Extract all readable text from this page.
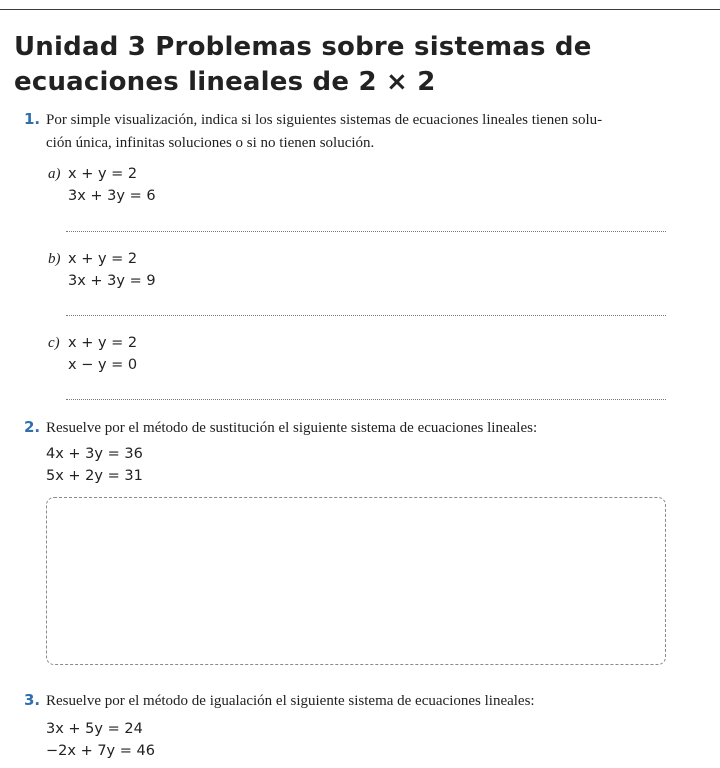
Unidad 3 Problemas sobre sistemas de ecuaciones lineales de 2 × 2
1. Por simple visualización, indica si los siguientes sistemas de ecuaciones lineales tienen solu-
ción única, infinitas soluciones o si no tienen solución.
a) x + y = 2
3x + 3y = 6
b) x + y = 2
3x + 3y = 9
c) x + y = 2
x − y = 0
2. Resuelve por el método de sustitución el siguiente sistema de ecuaciones lineales:
4x + 3y = 36
5x + 2y = 31
3. Resuelve por el método de igualación el siguiente sistema de ecuaciones lineales:
3x + 5y = 24
−2x + 7y = 46
